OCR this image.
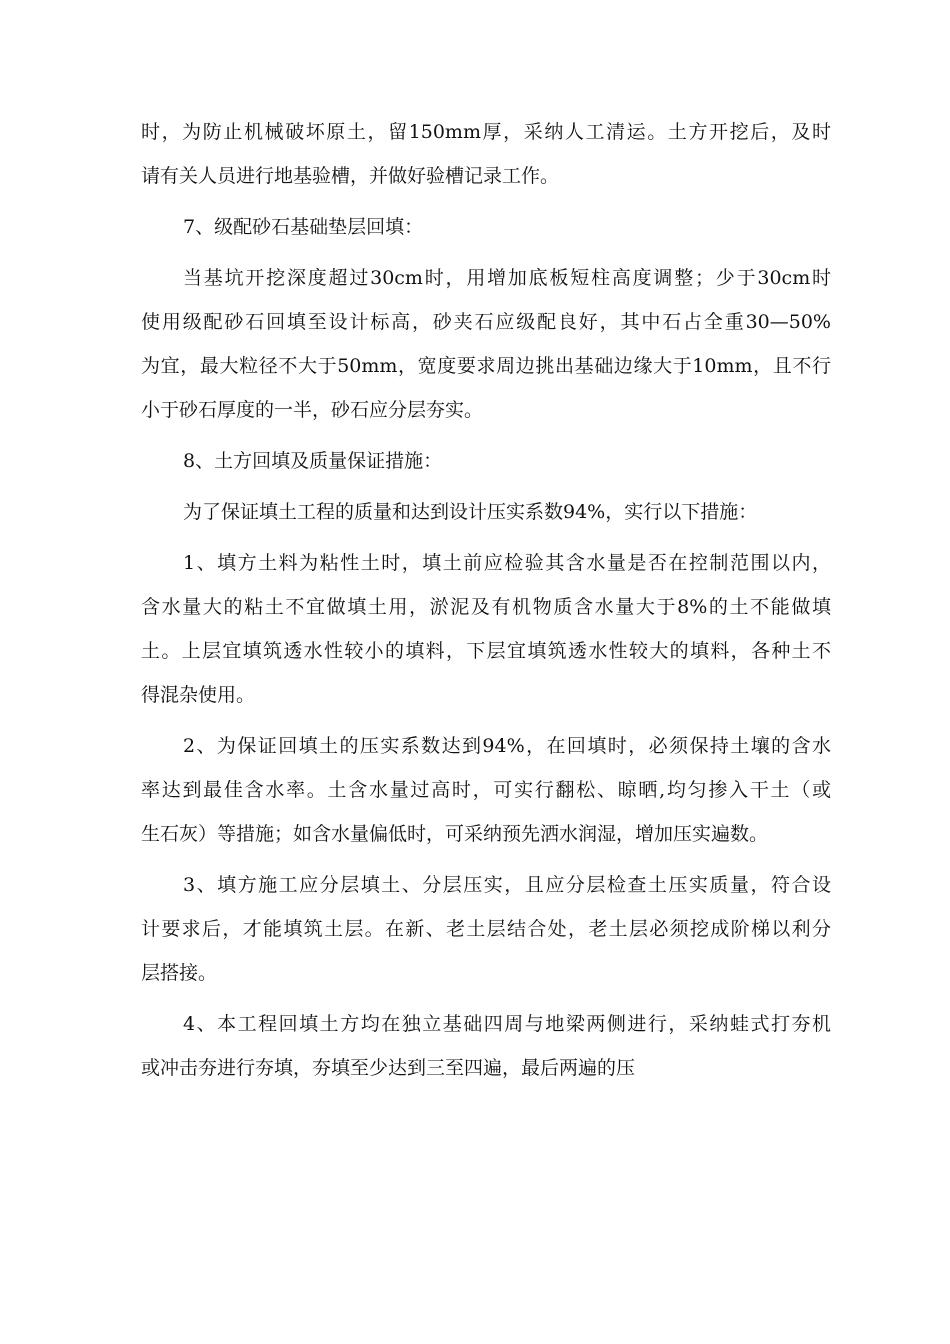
时，为防止机械破坏原土，留150mm厚，采纳人工清运。土方开挖后，及时
请有关人员进行地基验槽，并做好验槽记录工作。
7、级配砂石基础垫层回填：
当基坑开挖深度超过30cm时，用增加底板短柱高度调整；少于30cm时
使用级配砂石回填至设计标高，砂夹石应级配良好，其中石占全重30—50%
为宜，最大粒径不大于50mm，宽度要求周边挑出基础边缘大于10mm，且不行
小于砂石厚度的一半，砂石应分层夯实。
8、土方回填及质量保证措施：
为了保证填土工程的质量和达到设计压实系数94%，实行以下措施：
1、填方土料为粘性土时，填土前应检验其含水量是否在控制范围以内，
含水量大的粘土不宜做填土用，淤泥及有机物质含水量大于8%的土不能做填
土。上层宜填筑透水性较小的填料，下层宜填筑透水性较大的填料，各种土不
得混杂使用。
2、为保证回填土的压实系数达到94%，在回填时，必须保持土壤的含水
率达到最佳含水率。土含水量过高时，可实行翻松、晾晒,均匀掺入干土（或
生石灰）等措施；如含水量偏低时，可采纳预先洒水润湿，增加压实遍数。
3、填方施工应分层填土、分层压实，且应分层检查土压实质量，符合设
计要求后，才能填筑土层。在新、老土层结合处，老土层必须挖成阶梯以利分
层搭接。
4、本工程回填土方均在独立基础四周与地梁两侧进行，采纳蛙式打夯机
或冲击夯进行夯填，夯填至少达到三至四遍，最后两遍的压
